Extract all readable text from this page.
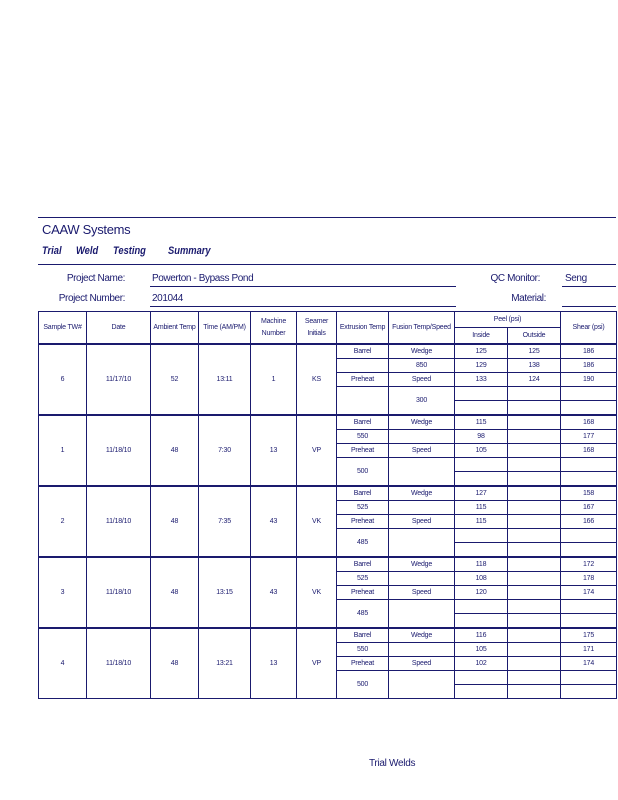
CAAW Systems
Trial Weld Testing Summary
Project Name:	Powerton - Bypass Pond
Project Number:	201044
QC Monitor:	Seng
Material:
Sample TW#	Date	Ambient Temp	Time (AM/PM)	Machine Number	Seamer Initials	Extrusion Temp	Fusion Temp/Speed	Peel (psi)		Shear (psi)
								Inside	Outside	
6	11/17/10	52	13:11	1	KS	Barrel	Wedge	125	125	186
							850	129	138	186
						Preheat	Speed	133	124	190
							300			

1	11/18/10	48	7:30	13	VP	Barrel	Wedge	115		168
						550		98		177
						Preheat	Speed	105		168
						500				

2	11/18/10	48	7:35	43	VK	Barrel	Wedge	127		158
						525		115		167
						Preheat	Speed	115		166
						485				

3	11/18/10	48	13:15	43	VK	Barrel	Wedge	118		172
						525		108		178
						Preheat	Speed	120		174
						485				

4	11/18/10	48	13:21	13	VP	Barrel	Wedge	116		175
						550		105		171
						Preheat	Speed	102		174
						500				

Trial Welds
